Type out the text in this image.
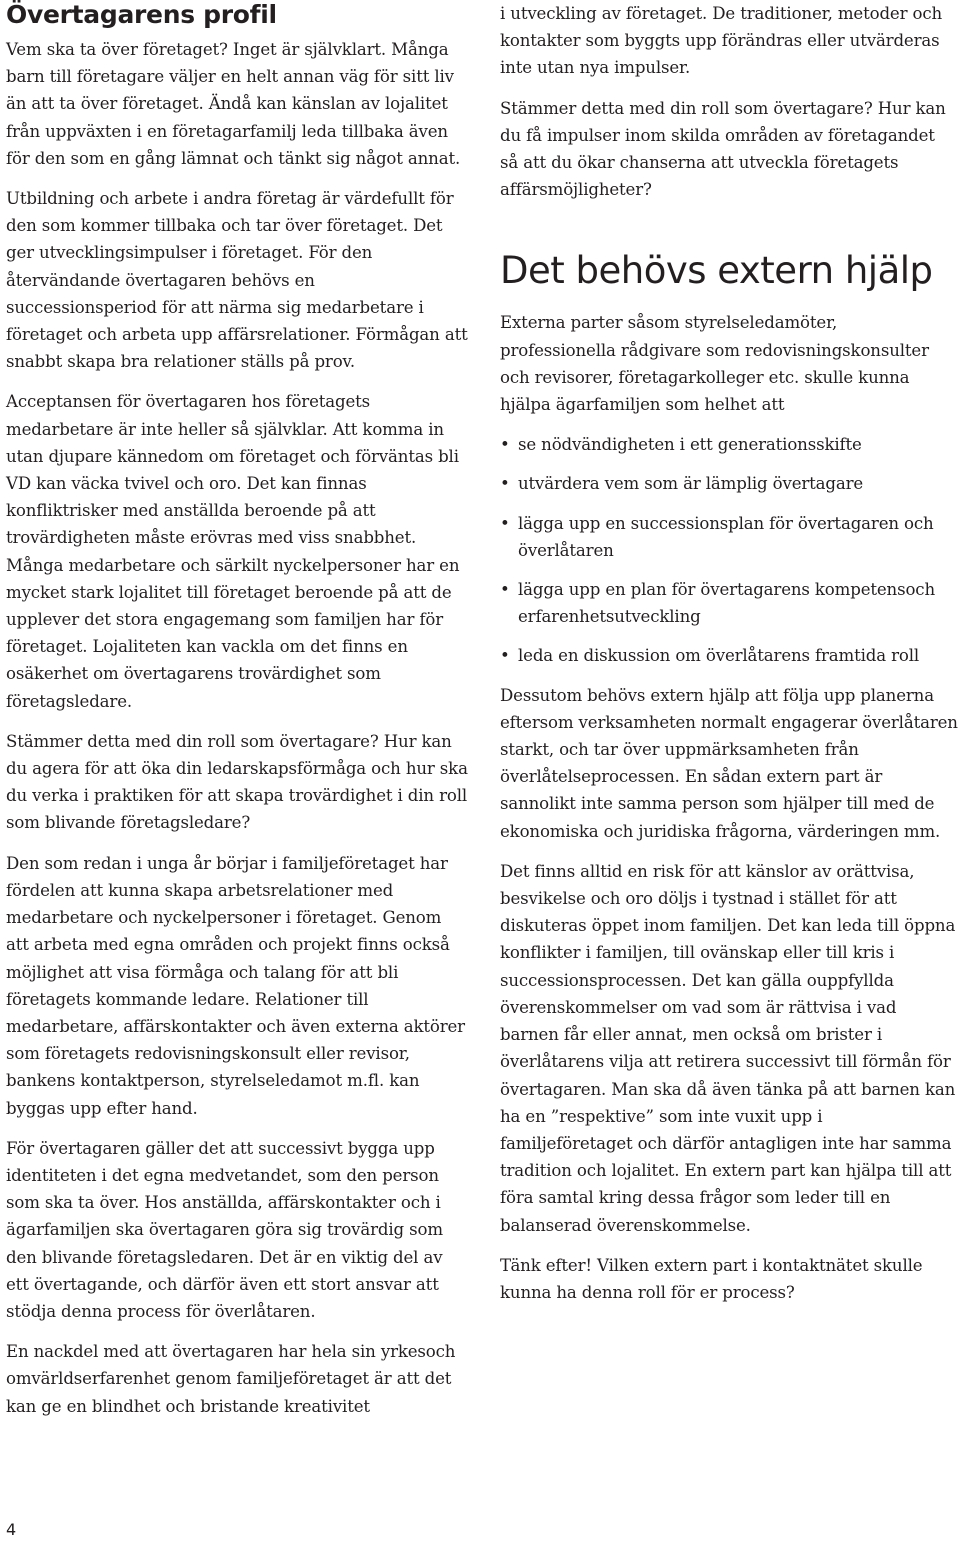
Övertagarens profil

Vem ska ta över företaget? Inget är självklart. Många barn till företagare väljer en helt annan väg för sitt liv än att ta över företaget. Ändå kan känslan av lojalitet från uppväxten i en företagarfamilj leda tillbaka även för den som en gång lämnat och tänkt sig något annat.

Utbildning och arbete i andra företag är värdefullt för den som kommer tillbaka och tar över företaget. Det ger utvecklingsimpulser i företaget. För den återvändande övertagaren behövs en successionsperiod för att närma sig medarbetare i företaget och arbeta upp affärsrelationer. Förmågan att snabbt skapa bra relationer ställs på prov.

Acceptansen för övertagaren hos företagets medarbetare är inte heller så självklar. Att komma in utan djupare kännedom om företaget och förväntas bli VD kan väcka tvivel och oro. Det kan finnas konfliktrisker med anställda beroende på att trovärdigheten måste erövras med viss snabbhet. Många medarbetare och särkilt nyckelpersoner har en mycket stark lojalitet till företaget beroende på att de upplever det stora engagemang som familjen har för företaget. Lojaliteten kan vackla om det finns en osäkerhet om övertagarens trovärdighet som företagsledare.

Stämmer detta med din roll som övertagare? Hur kan du agera för att öka din ledarskapsförmåga och hur ska du verka i praktiken för att skapa trovärdighet i din roll som blivande företagsledare?

Den som redan i unga år börjar i familjeföretaget har fördelen att kunna skapa arbetsrelationer med medarbetare och nyckelpersoner i företaget. Genom att arbeta med egna områden och projekt finns också möjlighet att visa förmåga och talang för att bli företagets kommande ledare. Relationer till medarbetare, affärskontakter och även externa aktörer som företagets redovisningskonsult eller revisor, bankens kontaktperson, styrelseledamot m.fl. kan byggas upp efter hand.

För övertagaren gäller det att successivt bygga upp identiteten i det egna medvetandet, som den person som ska ta över. Hos anställda, affärskontakter och i ägarfamiljen ska övertagaren göra sig trovärdig som den blivande företagsledaren. Det är en viktig del av ett övertagande, och därför även ett stort ansvar att stödja denna process för överlåtaren.

En nackdel med att övertagaren har hela sin yrkesoch omvärldserfarenhet genom familjeföretaget är att det kan ge en blindhet och bristande kreativitet

i utveckling av företaget. De traditioner, metoder och kontakter som byggts upp förändras eller utvärderas inte utan nya impulser.

Stämmer detta med din roll som övertagare? Hur kan du få impulser inom skilda områden av företagandet så att du ökar chanserna att utveckla företagets affärsmöjligheter?

Det behövs extern hjälp

Externa parter såsom styrelseledamöter, professionella rådgivare som redovisningskonsulter och revisorer, företagarkolleger etc. skulle kunna hjälpa ägarfamiljen som helhet att

• se nödvändigheten i ett generationsskifte
• utvärdera vem som är lämplig övertagare
• lägga upp en successionsplan för övertagaren och överlåtaren
• lägga upp en plan för övertagarens kompetensoch erfarenhetsutveckling
• leda en diskussion om överlåtarens framtida roll

Dessutom behövs extern hjälp att följa upp planerna eftersom verksamheten normalt engagerar överlåtaren starkt, och tar över uppmärksamheten från överlåtelseprocessen. En sådan extern part är sannolikt inte samma person som hjälper till med de ekonomiska och juridiska frågorna, värderingen mm.

Det finns alltid en risk för att känslor av orättvisa, besvikelse och oro döljs i tystnad i stället för att diskuteras öppet inom familjen. Det kan leda till öppna konflikter i familjen, till ovänskap eller till kris i successionsprocessen. Det kan gälla ouppfyllda överenskommelser om vad som är rättvisa i vad barnen får eller annat, men också om brister i överlåtarens vilja att retirera successivt till förmån för övertagaren. Man ska då även tänka på att barnen kan ha en ”respektive” som inte vuxit upp i familjeföretaget och därför antagligen inte har samma tradition och lojalitet. En extern part kan hjälpa till att föra samtal kring dessa frågor som leder till en balanserad överenskommelse.

Tänk efter! Vilken extern part i kontaktnätet skulle kunna ha denna roll för er process?

4
